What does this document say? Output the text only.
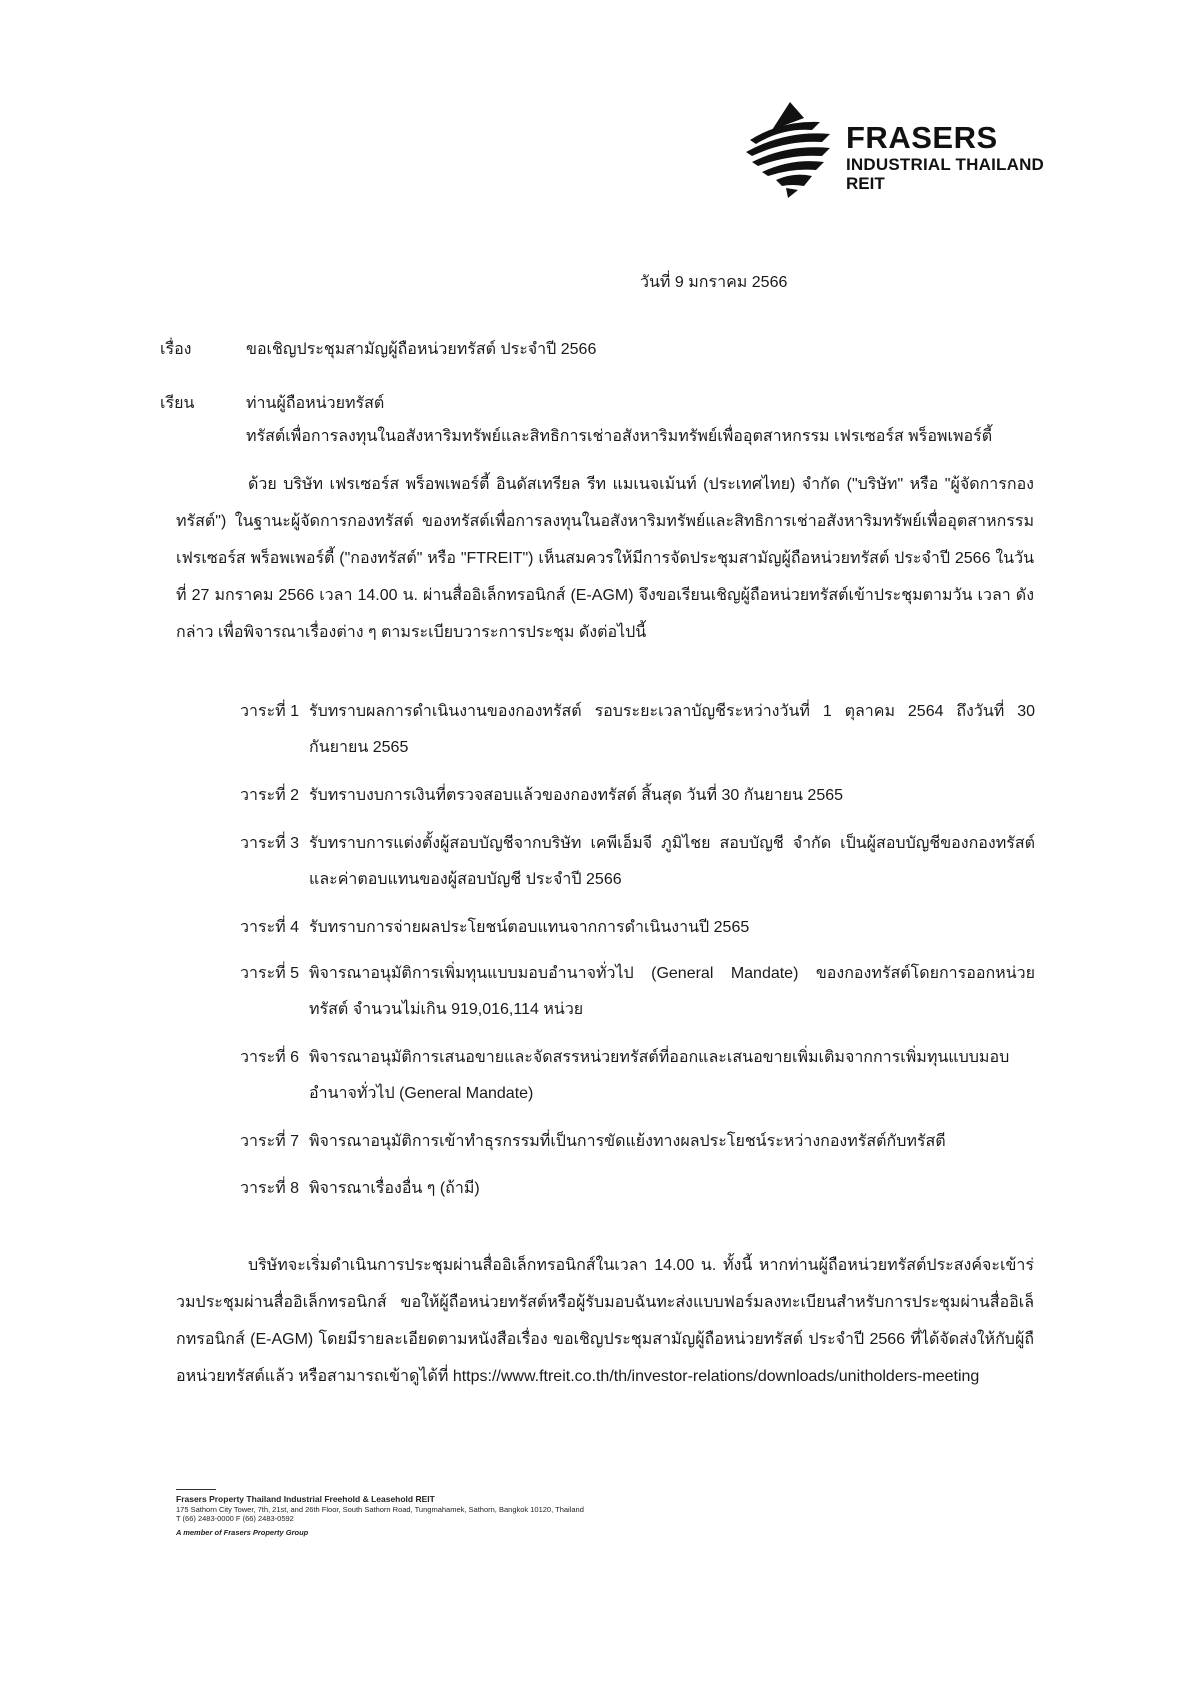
FRASERS
INDUSTRIAL THAILAND
REIT
วันที่ 9 มกราคม 2566
เรื่อง	ขอเชิญประชุมสามัญผู้ถือหน่วยทรัสต์ ประจำปี 2566
เรียน	ท่านผู้ถือหน่วยทรัสต์
ทรัสต์เพื่อการลงทุนในอสังหาริมทรัพย์และสิทธิการเช่าอสังหาริมทรัพย์เพื่ออุตสาหกรรม เฟรเซอร์ส พร็อพเพอร์ตี้
ด้วย บริษัท เฟรเซอร์ส พร็อพเพอร์ตี้ อินดัสเทรียล รีท แมเนจเม้นท์ (ประเทศไทย) จำกัด ("บริษัท" หรือ "ผู้จัดการกองทรัสต์") ในฐานะผู้จัดการกองทรัสต์ ของทรัสต์เพื่อการลงทุนในอสังหาริมทรัพย์และสิทธิการเช่าอสังหาริมทรัพย์เพื่ออุตสาหกรรม เฟรเซอร์ส พร็อพเพอร์ตี้ ("กองทรัสต์" หรือ "FTREIT") เห็นสมควรให้มีการจัดประชุมสามัญผู้ถือหน่วยทรัสต์ ประจำปี 2566 ในวันที่ 27 มกราคม 2566 เวลา 14.00 น. ผ่านสื่ออิเล็กทรอนิกส์ (E-AGM) จึงขอเรียนเชิญผู้ถือหน่วยทรัสต์เข้าประชุมตามวัน เวลา ดังกล่าว เพื่อพิจารณาเรื่องต่าง ๆ ตามระเบียบวาระการประชุม ดังต่อไปนี้
วาระที่ 1 รับทราบผลการดำเนินงานของกองทรัสต์ รอบระยะเวลาบัญชีระหว่างวันที่ 1 ตุลาคม 2564 ถึงวันที่ 30 กันยายน 2565
วาระที่ 2 รับทราบงบการเงินที่ตรวจสอบแล้วของกองทรัสต์ สิ้นสุด วันที่ 30 กันยายน 2565
วาระที่ 3 รับทราบการแต่งตั้งผู้สอบบัญชีจากบริษัท เคพีเอ็มจี ภูมิไชย สอบบัญชี จำกัด เป็นผู้สอบบัญชีของกองทรัสต์ และค่าตอบแทนของผู้สอบบัญชี ประจำปี 2566
วาระที่ 4 รับทราบการจ่ายผลประโยชน์ตอบแทนจากการดำเนินงานปี 2565
วาระที่ 5 พิจารณาอนุมัติการเพิ่มทุนแบบมอบอำนาจทั่วไป (General Mandate) ของกองทรัสต์โดยการออกหน่วยทรัสต์ จำนวนไม่เกิน 919,016,114 หน่วย
วาระที่ 6 พิจารณาอนุมัติการเสนอขายและจัดสรรหน่วยทรัสต์ที่ออกและเสนอขายเพิ่มเติมจากการเพิ่มทุนแบบมอบอำนาจทั่วไป (General Mandate)
วาระที่ 7 พิจารณาอนุมัติการเข้าทำธุรกรรมที่เป็นการขัดแย้งทางผลประโยชน์ระหว่างกองทรัสต์กับทรัสตี
วาระที่ 8 พิจารณาเรื่องอื่น ๆ (ถ้ามี)
บริษัทจะเริ่มดำเนินการประชุมผ่านสื่ออิเล็กทรอนิกส์ในเวลา 14.00 น. ทั้งนี้ หากท่านผู้ถือหน่วยทรัสต์ประสงค์จะเข้าร่วมประชุมผ่านสื่ออิเล็กทรอนิกส์ ขอให้ผู้ถือหน่วยทรัสต์หรือผู้รับมอบฉันทะส่งแบบฟอร์มลงทะเบียนสำหรับการประชุมผ่านสื่ออิเล็กทรอนิกส์ (E-AGM) โดยมีรายละเอียดตามหนังสือเรื่อง ขอเชิญประชุมสามัญผู้ถือหน่วยทรัสต์ ประจำปี 2566 ที่ได้จัดส่งให้กับผู้ถือหน่วยทรัสต์แล้ว หรือสามารถเข้าดูได้ที่ https://www.ftreit.co.th/th/investor-relations/downloads/unitholders-meeting
Frasers Property Thailand Industrial Freehold & Leasehold REIT
175 Sathorn City Tower, 7th, 21st, and 26th Floor, South Sathorn Road, Tungmahamek, Sathorn, Bangkok 10120, Thailand
T (66) 2483-0000 F (66) 2483-0592
A member of Frasers Property Group
